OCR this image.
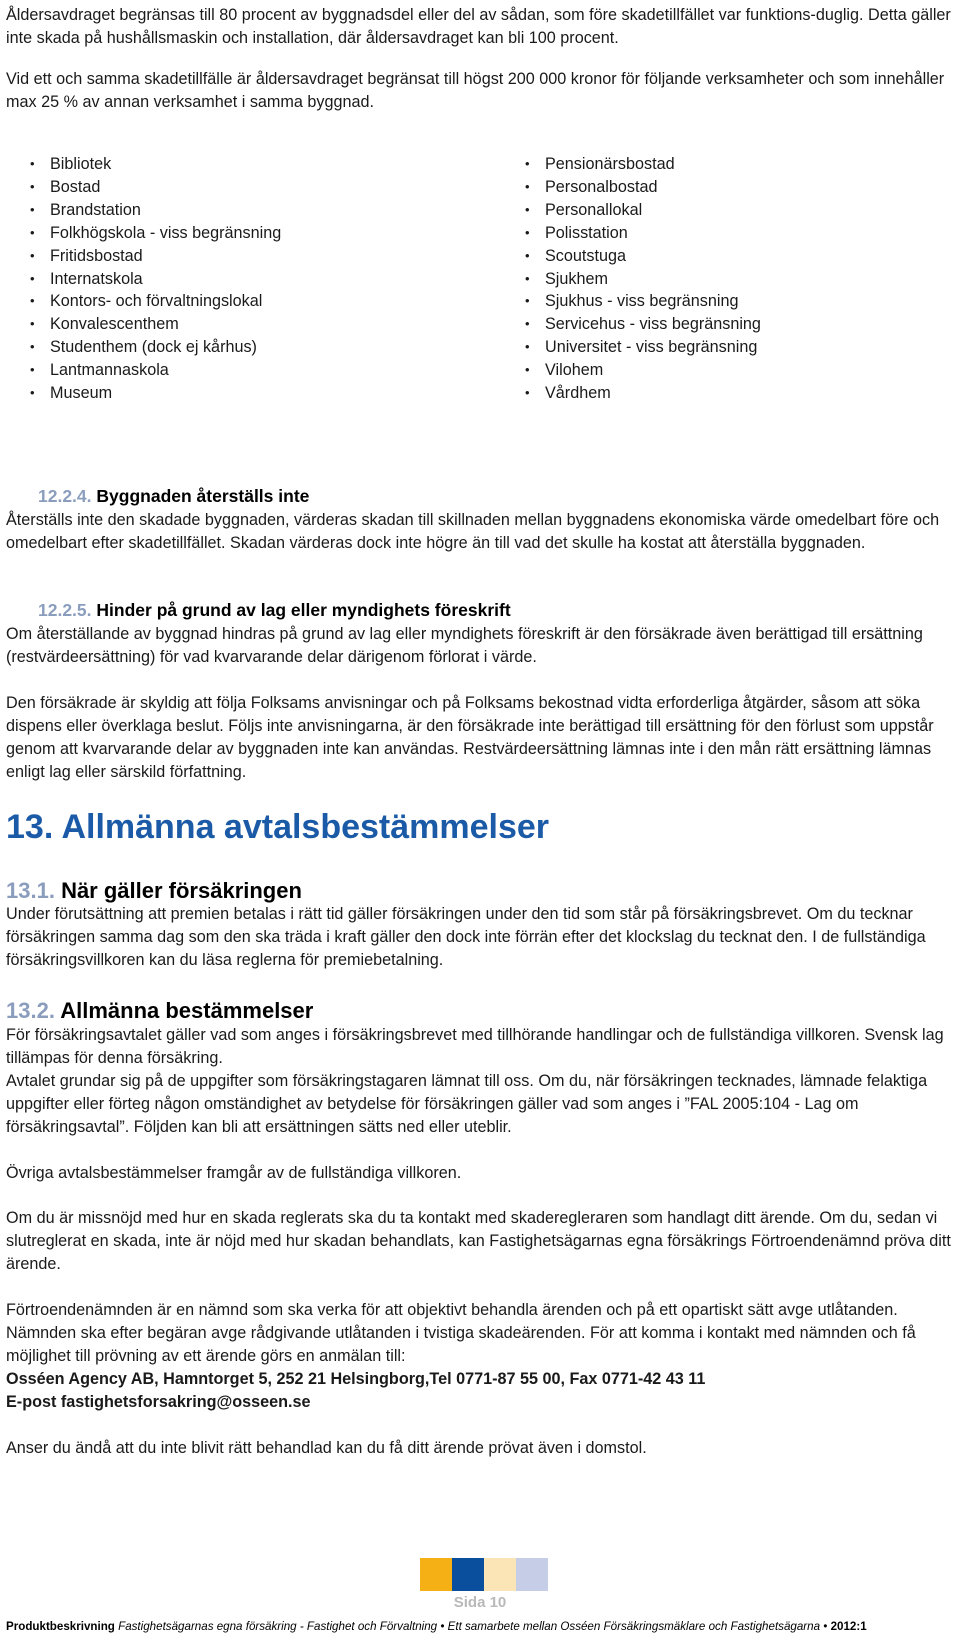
Åldersavdraget begränsas till 80 procent av byggnadsdel eller del av sådan, som före skadetillfället var funktions-duglig. Detta gäller inte skada på hushållsmaskin och installation, där åldersavdraget kan bli 100 procent.

Vid ett och samma skadetillfälle är åldersavdraget begränsat till högst 200 000 kronor för följande verksamheter och som innehåller max 25 % av annan verksamhet i samma byggnad.

• Bibliotek
• Bostad
• Brandstation
• Folkhögskola - viss begränsning
• Fritidsbostad
• Internatskola
• Kontors- och förvaltningslokal
• Konvalescenthem
• Studenthem (dock ej kårhus)
• Lantmannaskola
• Museum
• Pensionärsbostad
• Personalbostad
• Personallokal
• Polisstation
• Scoutstuga
• Sjukhem
• Sjukhus - viss begränsning
• Servicehus - viss begränsning
• Universitet - viss begränsning
• Vilohem
• Vårdhem
12.2.4. Byggnaden återställs inte

Återställs inte den skadade byggnaden, värderas skadan till skillnaden mellan byggnadens ekonomiska värde omedelbart före och omedelbart efter skadetillfället. Skadan värderas dock inte högre än till vad det skulle ha kostat att återställa byggnaden.

12.2.5. Hinder på grund av lag eller myndighets föreskrift

Om återställande av byggnad hindras på grund av lag eller myndighets föreskrift är den försäkrade även berättigad till ersättning (restvärdeersättning) för vad kvarvarande delar därigenom förlorat i värde.

Den försäkrade är skyldig att följa Folksams anvisningar och på Folksams bekostnad vidta erforderliga åtgärder, såsom att söka dispens eller överklaga beslut. Följs inte anvisningarna, är den försäkrade inte berättigad till ersättning för den förlust som uppstår genom att kvarvarande delar av byggnaden inte kan användas. Restvärdeersättning lämnas inte i den mån rätt ersättning lämnas enligt lag eller särskild författning.

13. Allmänna avtalsbestämmelser
13.1. När gäller försäkringen

Under förutsättning att premien betalas i rätt tid gäller försäkringen under den tid som står på försäkringsbrevet. Om du tecknar försäkringen samma dag som den ska träda i kraft gäller den dock inte förrän efter det klockslag du tecknat den. I de fullständiga försäkringsvillkoren kan du läsa reglerna för premiebetalning.

13.2. Allmänna bestämmelser

För försäkringsavtalet gäller vad som anges i försäkringsbrevet med tillhörande handlingar och de fullständiga villkoren. Svensk lag tillämpas för denna försäkring.

Avtalet grundar sig på de uppgifter som försäkringstagaren lämnat till oss. Om du, när försäkringen tecknades, lämnade felaktiga uppgifter eller förteg någon omständighet av betydelse för försäkringen gäller vad som anges i ”FAL 2005:104 - Lag om försäkringsavtal”. Följden kan bli att ersättningen sätts ned eller uteblir.

Övriga avtalsbestämmelser framgår av de fullständiga villkoren.

Om du är missnöjd med hur en skada reglerats ska du ta kontakt med skaderegleraren som handlagt ditt ärende. Om du, sedan vi slutreglerat en skada, inte är nöjd med hur skadan behandlats, kan Fastighetsägarnas egna försäkrings Förtroendenämnd pröva ditt ärende.

Förtroendenämnden är en nämnd som ska verka för att objektivt behandla ärenden och på ett opartiskt sätt avge utlåtanden. Nämnden ska efter begäran avge rådgivande utlåtanden i tvistiga skadeärenden. För att komma i kontakt med nämnden och få möjlighet till prövning av ett ärende görs en anmälan till:

Osséen Agency AB, Hamntorget 5, 252 21 Helsingborg,Tel 0771-87 55 00, Fax 0771-42 43 11

E-post fastighetsforsakring@osseen.se

Anser du ändå att du inte blivit rätt behandlad kan du få ditt ärende prövat även i domstol.

Sida 10
Produktbeskrivning Fastighetsägarnas egna försäkring - Fastighet och Förvaltning • Ett samarbete mellan Osséen Försäkringsmäklare och Fastighetsägarna • 2012:1
